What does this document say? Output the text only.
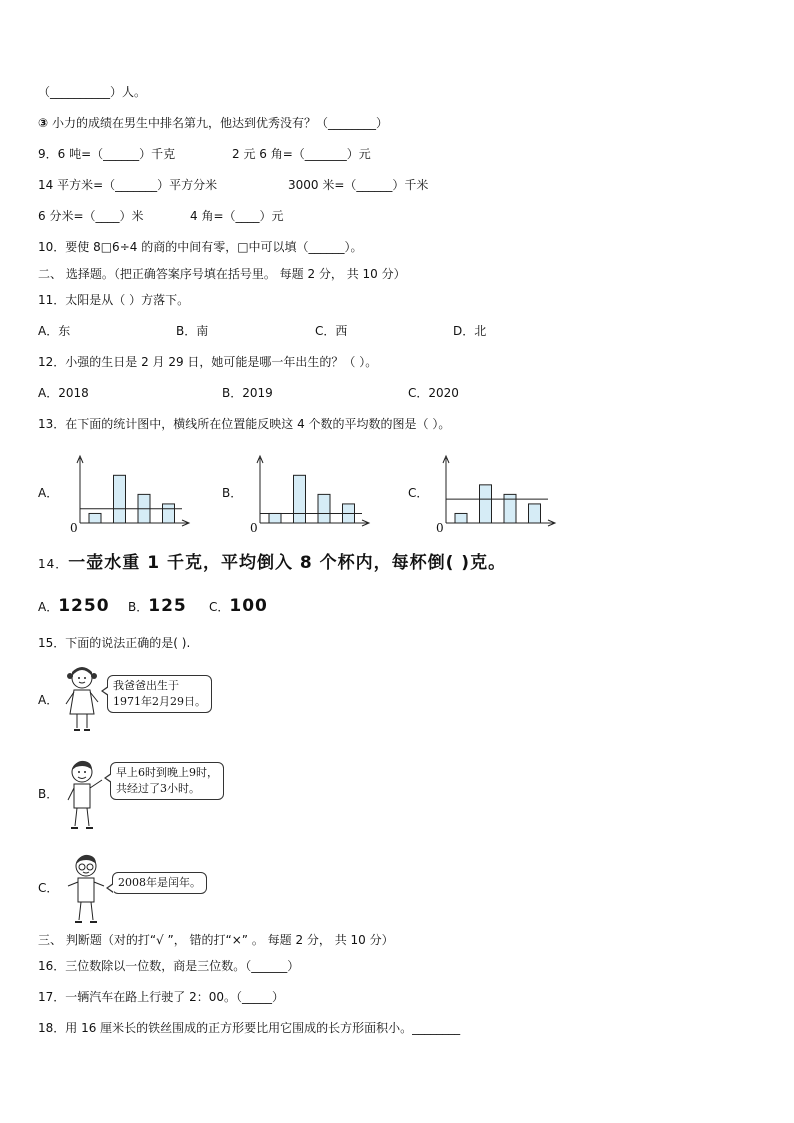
（__________）人。
③ 小力的成绩在男生中排名第九，他达到优秀没有？（________）
9．6 吨=（______）千克	2 元 6 角=（_______）元
14 平方米=（_______）平方分米	3000 米=（______）千米
6 分米=（____）米	4 角=（____）元
10．要使 8□6÷4 的商的中间有零，□中可以填（______）。
二、 选择题。（把正确答案序号填在括号里。 每题 2 分， 共 10 分）
11．太阳是从（ ）方落下。
A．东	B．南	C．西	D．北
12．小强的生日是 2 月 29 日，她可能是哪一年出生的？（ ）。
A．2018	B．2019	C．2020
13．在下面的统计图中，横线所在位置能反映这 4 个数的平均数的图是（ ）。
A．	B．	C．
0	0	0
14．一壶水重 1 千克，平均倒入 8 个杯内，每杯倒( )克。
A．1250 B．125 C．100
15．下面的说法正确的是( ).
A．
我爸爸出生于
1971年2月29日。
B．
早上6时到晚上9时，
共经过了3小时。
C．	2008年是闰年。
三、 判断题（对的打“√ ”， 错的打“×” 。 每题 2 分， 共 10 分）
16．三位数除以一位数，商是三位数。（______）
17．一辆汽车在路上行驶了 2：00。（_____）
18．用 16 厘米长的铁丝围成的正方形要比用它围成的长方形面积小。________
